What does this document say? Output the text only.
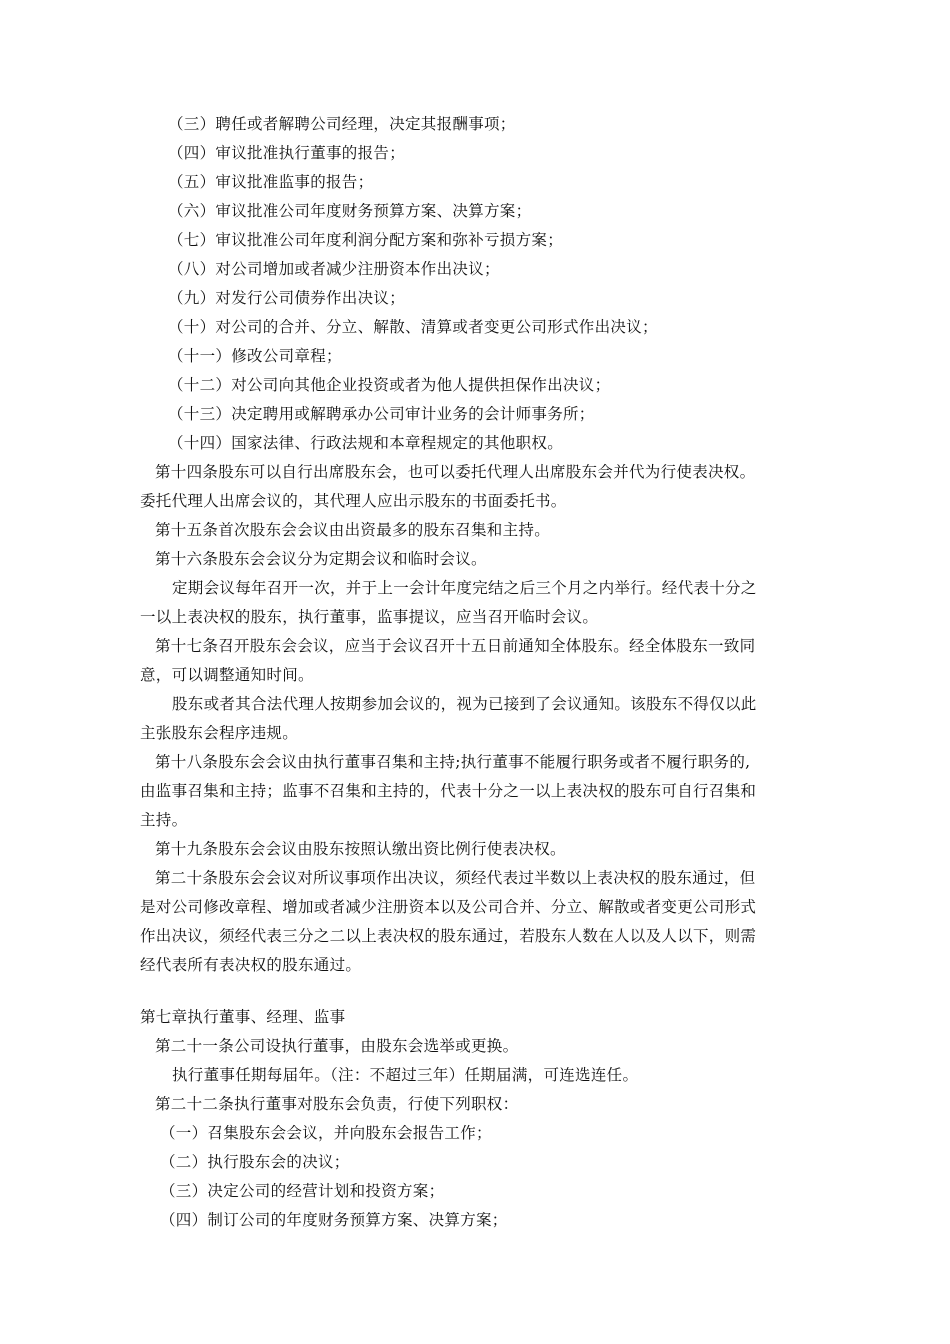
（三）聘任或者解聘公司经理，决定其报酬事项；
（四）审议批准执行董事的报告；
（五）审议批准监事的报告；
（六）审议批准公司年度财务预算方案、决算方案；
（七）审议批准公司年度利润分配方案和弥补亏损方案；
（八）对公司增加或者减少注册资本作出决议；
（九）对发行公司债券作出决议；
（十）对公司的合并、分立、解散、清算或者变更公司形式作出决议；
（十一）修改公司章程；
（十二）对公司向其他企业投资或者为他人提供担保作出决议；
（十三）决定聘用或解聘承办公司审计业务的会计师事务所；
（十四）国家法律、行政法规和本章程规定的其他职权。
第十四条股东可以自行出席股东会，也可以委托代理人出席股东会并代为行使表决权。
委托代理人出席会议的，其代理人应出示股东的书面委托书。
第十五条首次股东会会议由出资最多的股东召集和主持。
第十六条股东会会议分为定期会议和临时会议。
定期会议每年召开一次，并于上一会计年度完结之后三个月之内举行。经代表十分之
一以上表决权的股东，执行董事，监事提议，应当召开临时会议。
第十七条召开股东会会议，应当于会议召开十五日前通知全体股东。经全体股东一致同
意，可以调整通知时间。
股东或者其合法代理人按期参加会议的，视为已接到了会议通知。该股东不得仅以此
主张股东会程序违规。
第十八条股东会会议由执行董事召集和主持;执行董事不能履行职务或者不履行职务的,
由监事召集和主持；监事不召集和主持的，代表十分之一以上表决权的股东可自行召集和
主持。
第十九条股东会会议由股东按照认缴出资比例行使表决权。
第二十条股东会会议对所议事项作出决议，须经代表过半数以上表决权的股东通过，但
是对公司修改章程、增加或者减少注册资本以及公司合并、分立、解散或者变更公司形式
作出决议，须经代表三分之二以上表决权的股东通过，若股东人数在人以及人以下，则需
经代表所有表决权的股东通过。
第七章执行董事、经理、监事
第二十一条公司设执行董事，由股东会选举或更换。
执行董事任期每届年。（注：不超过三年）任期届满，可连选连任。
第二十二条执行董事对股东会负责，行使下列职权：
（一）召集股东会会议，并向股东会报告工作；
（二）执行股东会的决议；
（三）决定公司的经营计划和投资方案；
（四）制订公司的年度财务预算方案、决算方案；
